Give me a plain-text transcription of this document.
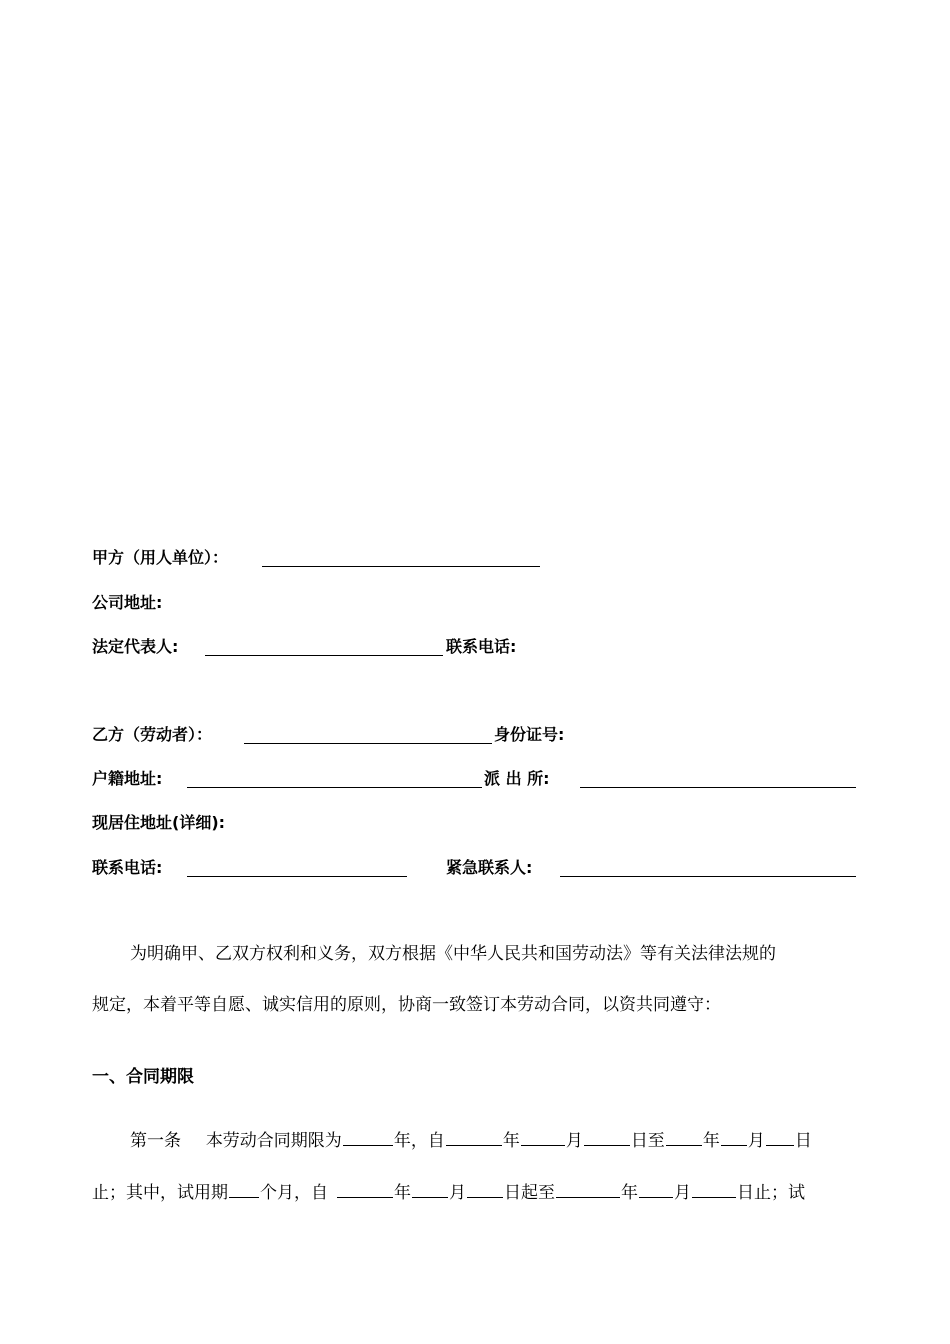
甲方（用人单位）：
公司地址:
法定代表人:	联系电话:
乙方（劳动者）：	身份证号:
户籍地址:	派 出 所:
现居住地址(详细):
联系电话:	紧急联系人:
为明确甲、乙双方权利和义务，双方根据《中华人民共和国劳动法》等有关法律法规的
规定，本着平等自愿、诚实信用的原则，协商一致签订本劳动合同，以资共同遵守：
一、合同期限
第一条 本劳动合同期限为	年，自	年	月	日至 年 月 日
止；其中，试用期 个月，自	年 月 日起至	年 月	日止；试
